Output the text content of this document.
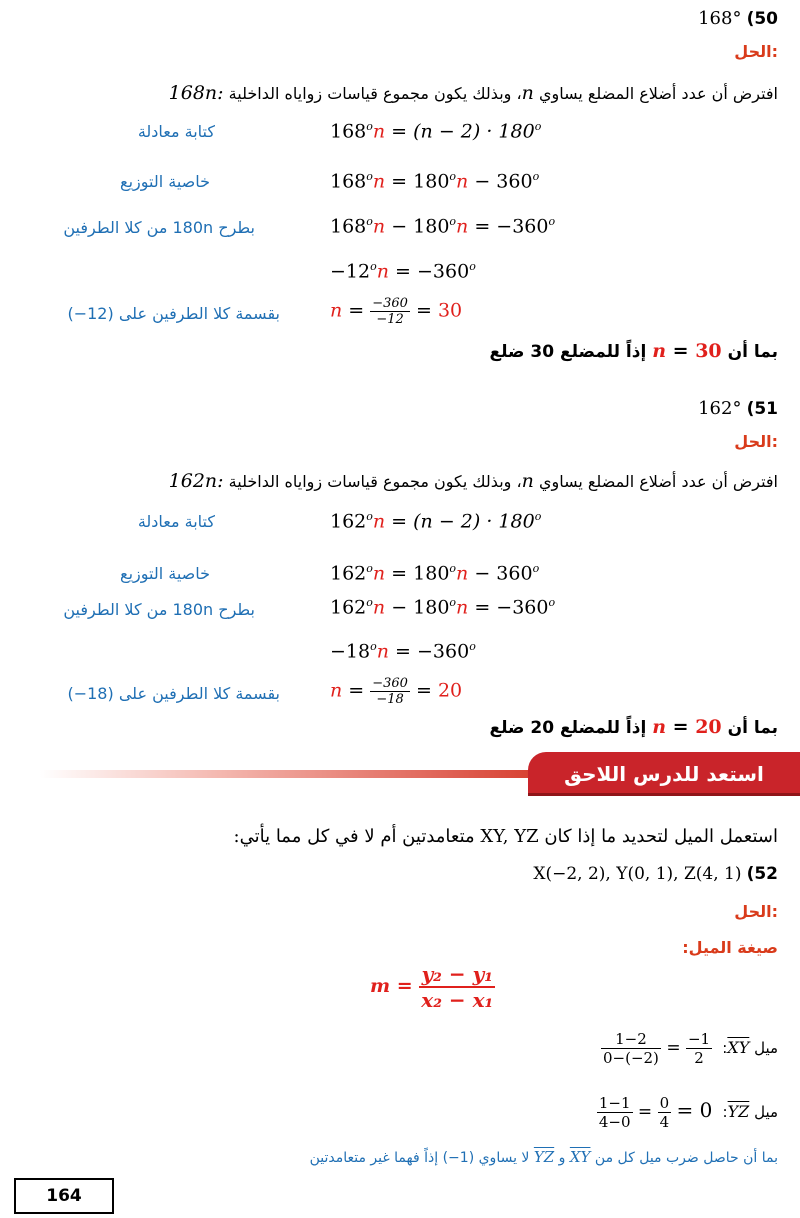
168° (50
الحل:
افترض أن عدد أضلاع المضلع يساوي n، وبذلك يكون مجموع قياسات زواياه الداخلية 168n:
كتابة معادلة	$168^on = (n - 2) \cdot 180^o$
خاصية التوزيع	$168^on = 180^on - 360^o$
بطرح 180n من كلا الطرفين	$168^on - 180^on = -360^o$
$-12^on = -360^o$
بقسمة كلا الطرفين على (12−)	$n = \frac{-360}{-12} = 30$
بما أن n = 30 إذاً للمضلع 30 ضلع
162° (51
الحل:
افترض أن عدد أضلاع المضلع يساوي n، وبذلك يكون مجموع قياسات زواياه الداخلية 162n:
كتابة معادلة	$162^on = (n - 2) \cdot 180^o$
خاصية التوزيع	$162^on = 180^on - 360^o$
بطرح 180n من كلا الطرفين	$162^on - 180^on = -360^o$
$-18^on = -360^o$
بقسمة كلا الطرفين على (18−)	$n = \frac{-360}{-18} = 20$
بما أن n = 20 إذاً للمضلع 20 ضلع
استعد للدرس اللاحق
استعمل الميل لتحديد ما إذا كان XY, YZ متعامدتين أم لا في كل مما يأتي:
X(−2, 2), Y(0, 1), Z(4, 1) (52
الحل:
صيغة الميل:
$m = \frac{\text{y₂ − y₁}}{\text{x₂ − x₁}}$
$\frac{1-2}{0-(-2)} = \frac{-1}{2}$ $:\overline{XY}$ ميل
$\frac{1-1}{4-0} = \frac{0}{4} = 0$  $:\overline{YZ}$ ميل
بما أن حاصل ضرب ميل كل من XY و YZ لا يساوي (1−) إذاً فهما غير متعامدتين
164
